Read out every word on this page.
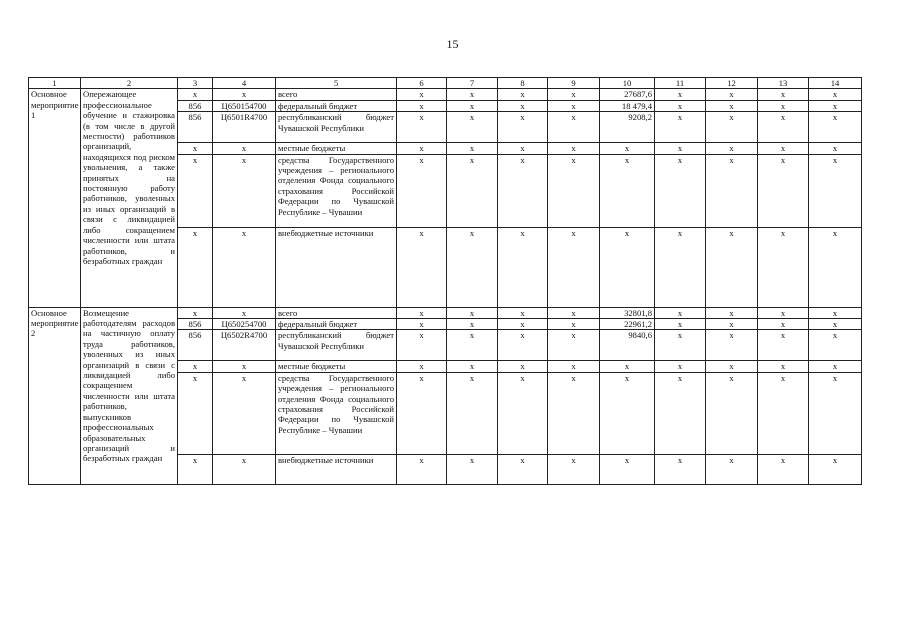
15
1	2	3	4	5	6	7	8	9	10	11	12	13	14
Основное мероприятие 1	Опережающее профессиональное обучение и стажировка (в том числе в другой местности) работников организаций, находящихся под риском увольнения, а также принятых на постоянную работу работников, уволенных из иных организаций в связи с ликвидацией либо сокращением численности или штата работников, и безработных граждан	x	x	всего	x	x	x	x	27687,6	x	x	x	x
		856	Ц650154700	федеральный бюджет	x	x	x	x	18 479,4	x	x	x	x
		856	Ц6501R4700	республиканский бюджет Чувашской Республики	x	x	x	x	9208,2	x	x	x	x
		x	x	местные бюджеты	x	x	x	x	x	x	x	x	x
		x	x	средства Государственного учреждения – регионального отделения Фонда социального страхования Российской Федерации по Чувашской Республике – Чувашии	x	x	x	x	x	x	x	x	x
		x	x	внебюджетные источники	x	x	x	x	x	x	x	x	x
Основное мероприятие 2	Возмещение работодателям расходов на частичную оплату труда работников, уволенных из иных организаций в связи с ликвидацией либо сокращением численности или штата работников, выпускников профессиональных образовательных организаций и безработных граждан	x	x	всего	x	x	x	x	32801,8	x	x	x	x
		856	Ц650254700	федеральный бюджет	x	x	x	x	22961,2	x	x	x	x
		856	Ц6502R4700	республиканский бюджет Чувашской Республики	x	x	x	x	9840,6	x	x	x	x
		x	x	местные бюджеты	x	x	x	x	x	x	x	x	x
		x	x	средства Государственного учреждения – регионального отделения Фонда социального страхования Российской Федерации по Чувашской Республике – Чувашии	x	x	x	x	x	x	x	x	x
		x	x	внебюджетные источники	x	x	x	x	x	x	x	x	x
